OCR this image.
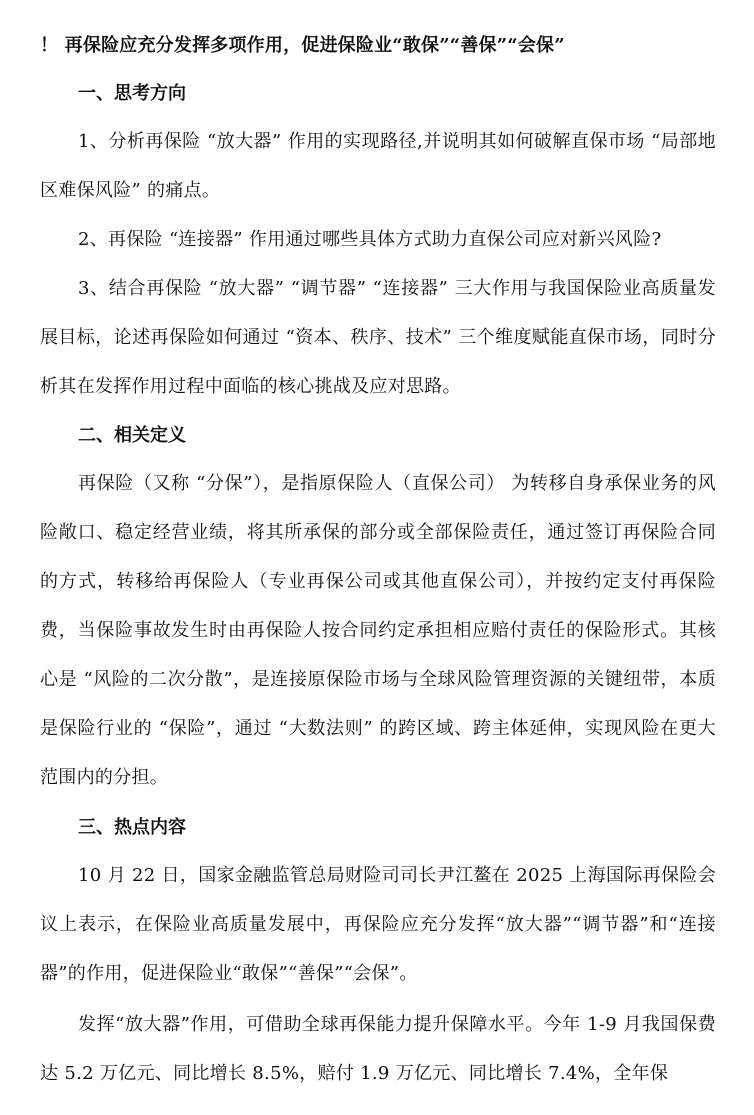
！ 再保险应充分发挥多项作用，促进保险业“敢保”“善保”“会保”
一、思考方向
1、分析再保险 “放大器” 作用的实现路径,并说明其如何破解直保市场 “局部地区难保风险” 的痛点。
2、再保险 “连接器” 作用通过哪些具体方式助力直保公司应对新兴风险?
3、结合再保险 “放大器” “调节器” “连接器” 三大作用与我国保险业高质量发展目标，论述再保险如何通过 “资本、秩序、技术” 三个维度赋能直保市场，同时分析其在发挥作用过程中面临的核心挑战及应对思路。
二、相关定义
再保险（又称 “分保”），是指原保险人（直保公司） 为转移自身承保业务的风险敞口、稳定经营业绩，将其所承保的部分或全部保险责任，通过签订再保险合同的方式，转移给再保险人（专业再保公司或其他直保公司），并按约定支付再保险费，当保险事故发生时由再保险人按合同约定承担相应赔付责任的保险形式。其核心是 “风险的二次分散”，是连接原保险市场与全球风险管理资源的关键纽带，本质是保险行业的 “保险”，通过 “大数法则” 的跨区域、跨主体延伸，实现风险在更大范围内的分担。
三、热点内容
10 月 22 日，国家金融监管总局财险司司长尹江鳌在 2025 上海国际再保险会议上表示，在保险业高质量发展中，再保险应充分发挥“放大器”“调节器”和“连接器”的作用，促进保险业“敢保”“善保”“会保”。
发挥“放大器”作用，可借助全球再保能力提升保障水平。今年 1-9 月我国保费达 5.2 万亿元、同比增长 8.5%，赔付 1.9 万亿元、同比增长 7.4%，全年保
